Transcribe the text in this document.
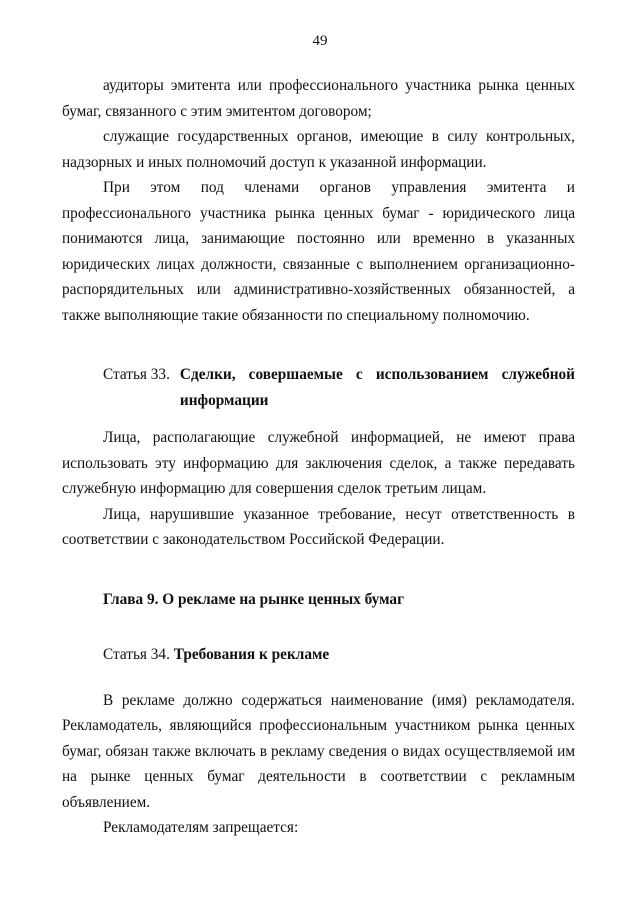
49

аудиторы эмитента или профессионального участника рынка ценных бумаг, связанного с этим эмитентом договором;

служащие государственных органов, имеющие в силу контрольных, надзорных и иных полномочий доступ к указанной информации.

При этом под членами органов управления эмитента и профессионального участника рынка ценных бумаг - юридического лица понимаются лица, занимающие постоянно или временно в указанных юридических лицах должности, связанные с выполнением организационно-распорядительных или административно-хозяйственных обязанностей, а также выполняющие такие обязанности по специальному полномочию.

Статья 33. Сделки, совершаемые с использованием служебной информации

Лица, располагающие служебной информацией, не имеют права использовать эту информацию для заключения сделок, а также передавать служебную информацию для совершения сделок третьим лицам.

Лица, нарушившие указанное требование, несут ответственность в соответствии с законодательством Российской Федерации.

Глава 9. О рекламе на рынке ценных бумаг
Статья 34. Требования к рекламе

В рекламе должно содержаться наименование (имя) рекламодателя. Рекламодатель, являющийся профессиональным участником рынка ценных бумаг, обязан также включать в рекламу сведения о видах осуществляемой им на рынке ценных бумаг деятельности в соответствии с рекламным объявлением.

Рекламодателям запрещается:
